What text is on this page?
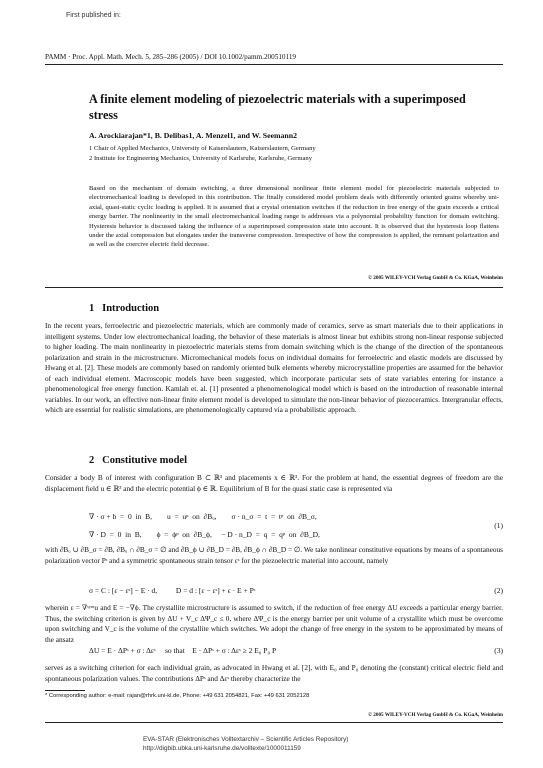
First published in:
PAMM · Proc. Appl. Math. Mech. 5, 285–286 (2005) / DOI 10.1002/pamm.200510119
A finite element modeling of piezoelectric materials with a superimposed stress
A. Arockiarajan*1, B. Delibas1, A. Menzel1, and W. Seemann2
1 Chair of Applied Mechanics, University of Kaiserslautern, Kaiserslautern, Germany
2 Institute for Engineering Mechanics, University of Karlsruhe, Karlsruhe, Germany
Based on the mechanism of domain switching, a three dimensional nonlinear finite element model for piezoelectric materials subjected to electromechanical loading is developed in this contribution. The finally considered model problem deals with differently oriented grains whereby uni-axial, quasi-static cyclic loading is applied. It is assumed that a crystal orientation switches if the reduction in free energy of the grain exceeds a critical energy barrier. The nonlinearity in the small electromechanical loading range is addresses via a polynomial probability function for domain switching. Hysteresis behavior is discussed taking the influence of a superimposed compression state into account. It is observed that the hysteresis loop flattens under the axial compression but elongates under the transverse compression. Irrespective of how the compression is applied, the remnant polarization and as well as the coercive electric field decrease.
© 2005 WILEY-VCH Verlag GmbH & Co. KGaA, Weinheim
1   Introduction
In the recent years, ferroelectric and piezoelectric materials, which are commonly made of ceramics, serve as smart materials due to their applications in intelligent systems. Under low electromechanical loading, the behavior of these materials is almost linear but exhibits strong non-linear response subjected to higher loading. The main nonlinearity in piezoelectric materials stems from domain switching which is the change of the direction of the spontaneous polarization and strain in the microstructure. Micromechanical models focus on individual domains for ferroelectric and elastic models are discussed by Hwang et al. [2]. These models are commonly based on randomly oriented bulk elements whereby microcrystalline properties are assumed for the behavior of each individual element. Macroscopic models have been suggested, which incorporate particular sets of state variables entering for instance a phenomenological free energy function. Kamlah et. al. [1] presented a phenomenological model which is based on the introduction of reasonable internal variables. In our work, an effective non-linear finite element model is developed to simulate the non-linear behavior of piezoceramics. Intergranular effects, which are essential for realistic simulations, are phenomenologically captured via a probabilistic approach.
2   Constitutive model
Consider a body B of interest with configuration B ⊂ ℝ³ and placements x ∈ ℝ³. For the problem at hand, the essential degrees of freedom are the displacement field u ∈ ℝ³ and the electric potential ϕ ∈ ℝ. Equilibrium of B for the quasi static case is represented via
∇ · σ + b  =  0  in  B,        u  =  uᵖ  on  ∂Bᵤ,        σ · n_σ  =  t  =  tᵖ  on  ∂B_σ,
∇ · D  =  0  in  B,        ϕ  =  ϕᵖ  on  ∂B_ϕ,     − D · n_D  =  q  =  qᵖ  on  ∂B_D,
(1)
with ∂Bᵤ ∪ ∂B_σ = ∂B, ∂Bᵤ ∩ ∂B_σ = ∅ and ∂B_ϕ ∪ ∂B_D = ∂B, ∂B_ϕ ∩ ∂B_D = ∅. We take nonlinear constitutive equations by means of a spontaneous polarization vector Pˢ and a symmetric spontaneous strain tensor εˢ for the piezoelectric material into account, namely
σ = C : [ε − εˢ] − E · d,          D = d : [ε − εˢ] + ϵ · E + Pˢ	(2)
wherein ε = ∇ˢʸᵐu and E = −∇ϕ. The crystallite microstructure is assumed to switch, if the reduction of free energy ΔU exceeds a particular energy barrier. Thus, the switching criterion is given by ΔU + V_c ΔΨ_c ≤ 0, where ΔΨ_c is the energy barrier per unit volume of a crystallite which must be overcome upon switching and V_c is the volume of the crystallite which switches. We adopt the change of free energy in the system to be approximated by means of the ansatz
ΔU = E · ΔPˢ + σ : Δεˢ     so that    E · ΔPˢ + σ : Δεˢ ≥ 2 E₀ P₀ P	(3)
serves as a switching criterion for each individual grain, as advocated in Hwang et al. [2], with E₀ and P₀ denoting the (constant) critical electric field and spontaneous polarization values. The contributions ΔPˢ and Δεˢ thereby characterize the
* Corresponding author: e-mail: rajan@rhrk.uni-kl.de, Phone: +49 631 2054821, Fax: +49 631 2052128
© 2005 WILEY-VCH Verlag GmbH & Co. KGaA, Weinheim
EVA-STAR (Elektronisches Volltextarchiv – Scientific Articles Repository)
http://digbib.ubka.uni-karlsruhe.de/volltexte/1000011159
